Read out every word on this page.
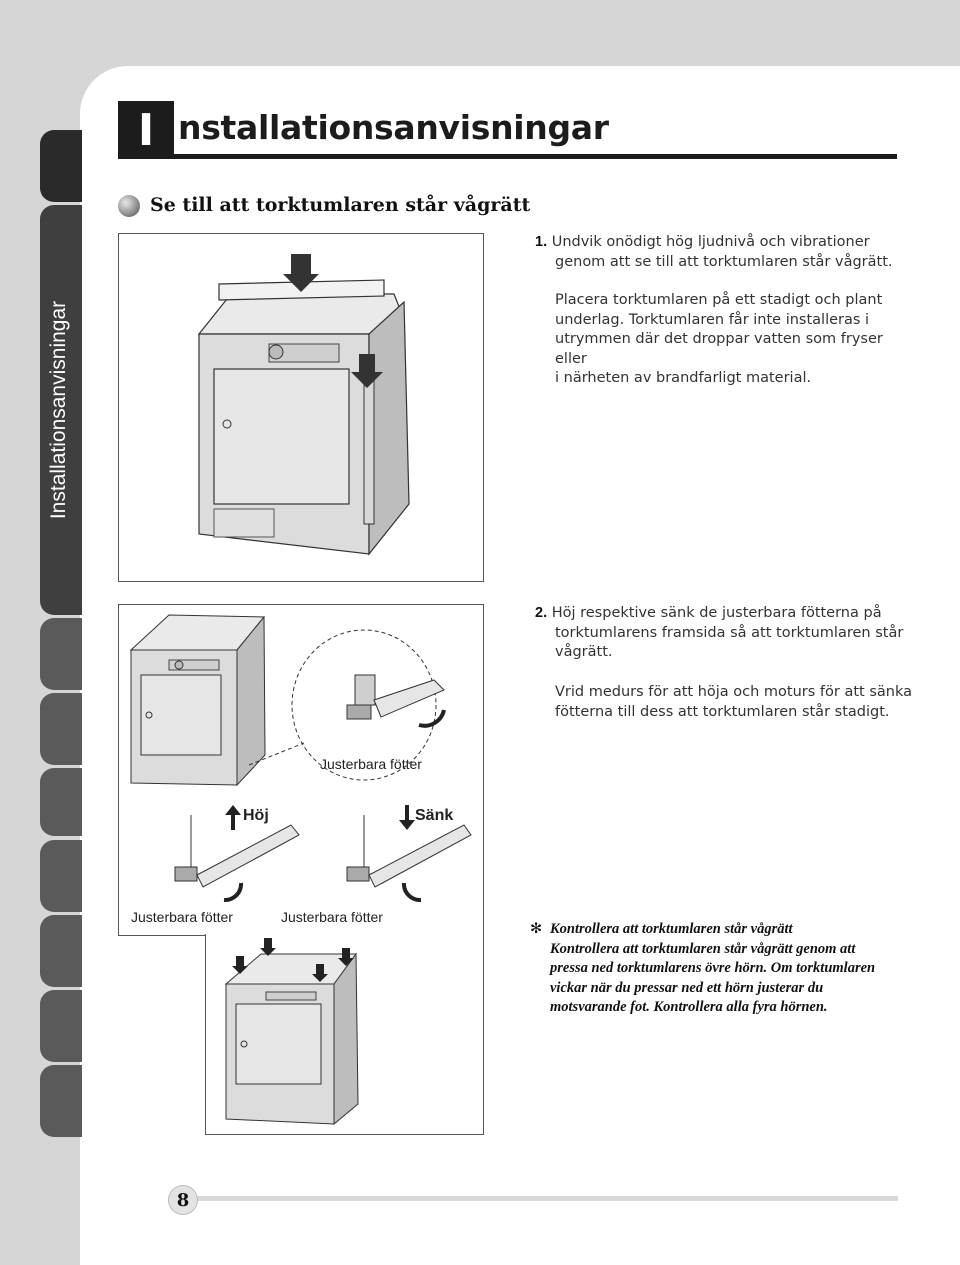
Installationsanvisningar
I nstallationsanvisningar
Se till att torktumlaren står vågrätt
1. Undvik onödigt hög ljudnivå och vibrationer
genom att se till att torktumlaren står vågrätt.
Placera torktumlaren på ett stadigt och plant
underlag. Torktumlaren får inte installeras i
utrymmen där det droppar vatten som fryser eller
i närheten av brandfarligt material.
Justerbara fötter
Höj	Sänk
Justerbara fötter	Justerbara fötter
2. Höj respektive sänk de justerbara fötterna på
torktumlarens framsida så att torktumlaren står
vågrätt.
Vrid medurs för att höja och moturs för att sänka
fötterna till dess att torktumlaren står stadigt.
✻ Kontrollera att torktumlaren står vågrätt
Kontrollera att torktumlaren står vågrätt genom att
pressa ned torktumlarens övre hörn. Om torktumlaren
vickar när du pressar ned ett hörn justerar du
motsvarande fot. Kontrollera alla fyra hörnen.
8
